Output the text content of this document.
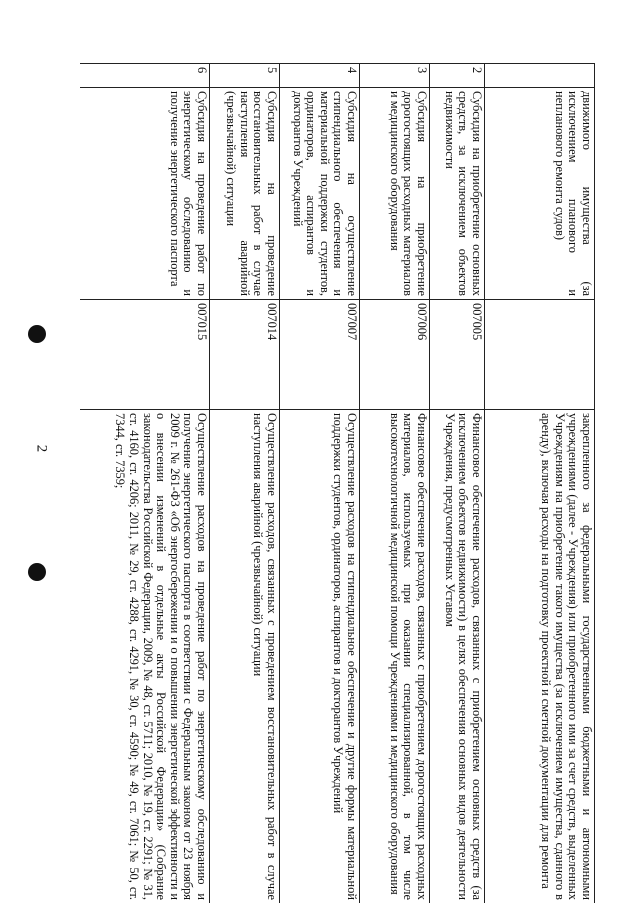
2
	движимого имущества (за исключением планового и непланового ремонта судов)		закрепленного за федеральными государственными бюджетными и автономными учреждениями (далее - Учреждения) или приобретенного ими за счет средств, выделенных Учреждениям на приобретение такого имущества (за исключением имущества, сданного в аренду), включая расходы на подготовку проектной и сметной документации для ремонта
2	Субсидия на приобретение основных средств, за исключением объектов недвижимости	007005	Финансовое обеспечение расходов, связанных с приобретением основных средств (за исключением объектов недвижимости) в целях обеспечения основных видов деятельности Учреждения, предусмотренных Уставом
3	Субсидия на приобретение дорогостоящих расходных материалов и медицинского оборудования	007006	Финансовое обеспечение расходов, связанных с приобретением дорогостоящих расходных материалов, используемых при оказании специализированной, в том числе высокотехнологичной медицинской помощи Учреждениями и медицинского оборудования
4	Субсидия на осуществление стипендиального обеспечения и материальной поддержки студентов, ординаторов, аспирантов и докторантов Учреждений	007007	Осуществление расходов на стипендиальное обеспечение и другие формы материальной поддержки студентов, ординаторов, аспирантов и докторантов Учреждений
5	Субсидия на проведение восстановительных работ в случае наступления аварийной (чрезвычайной) ситуации	007014	Осуществление расходов, связанных с проведением восстановительных работ в случае наступления аварийной (чрезвычайной) ситуации
6	Субсидия на проведение работ по энергетическому обследованию и получение энергетического паспорта	007015	Осуществление расходов на проведение работ по энергетическому обследованию и получение энергетического паспорта в соответствии с Федеральным законом от 23 ноября 2009 г. № 261-ФЗ «Об энергосбережении и о повышении энергетической эффективности и о внесении изменений в отдельные акты Российской Федерации» (Собрание законодательства Российской Федерации, 2009, № 48, ст. 5711; 2010, № 19, ст. 2291; № 31, ст. 4160, ст. 4206; 2011, № 29, ст. 4288, ст. 4291, № 30, ст. 4590; № 49, ст. 7061; № 50, ст. 7344, ст. 7359;
